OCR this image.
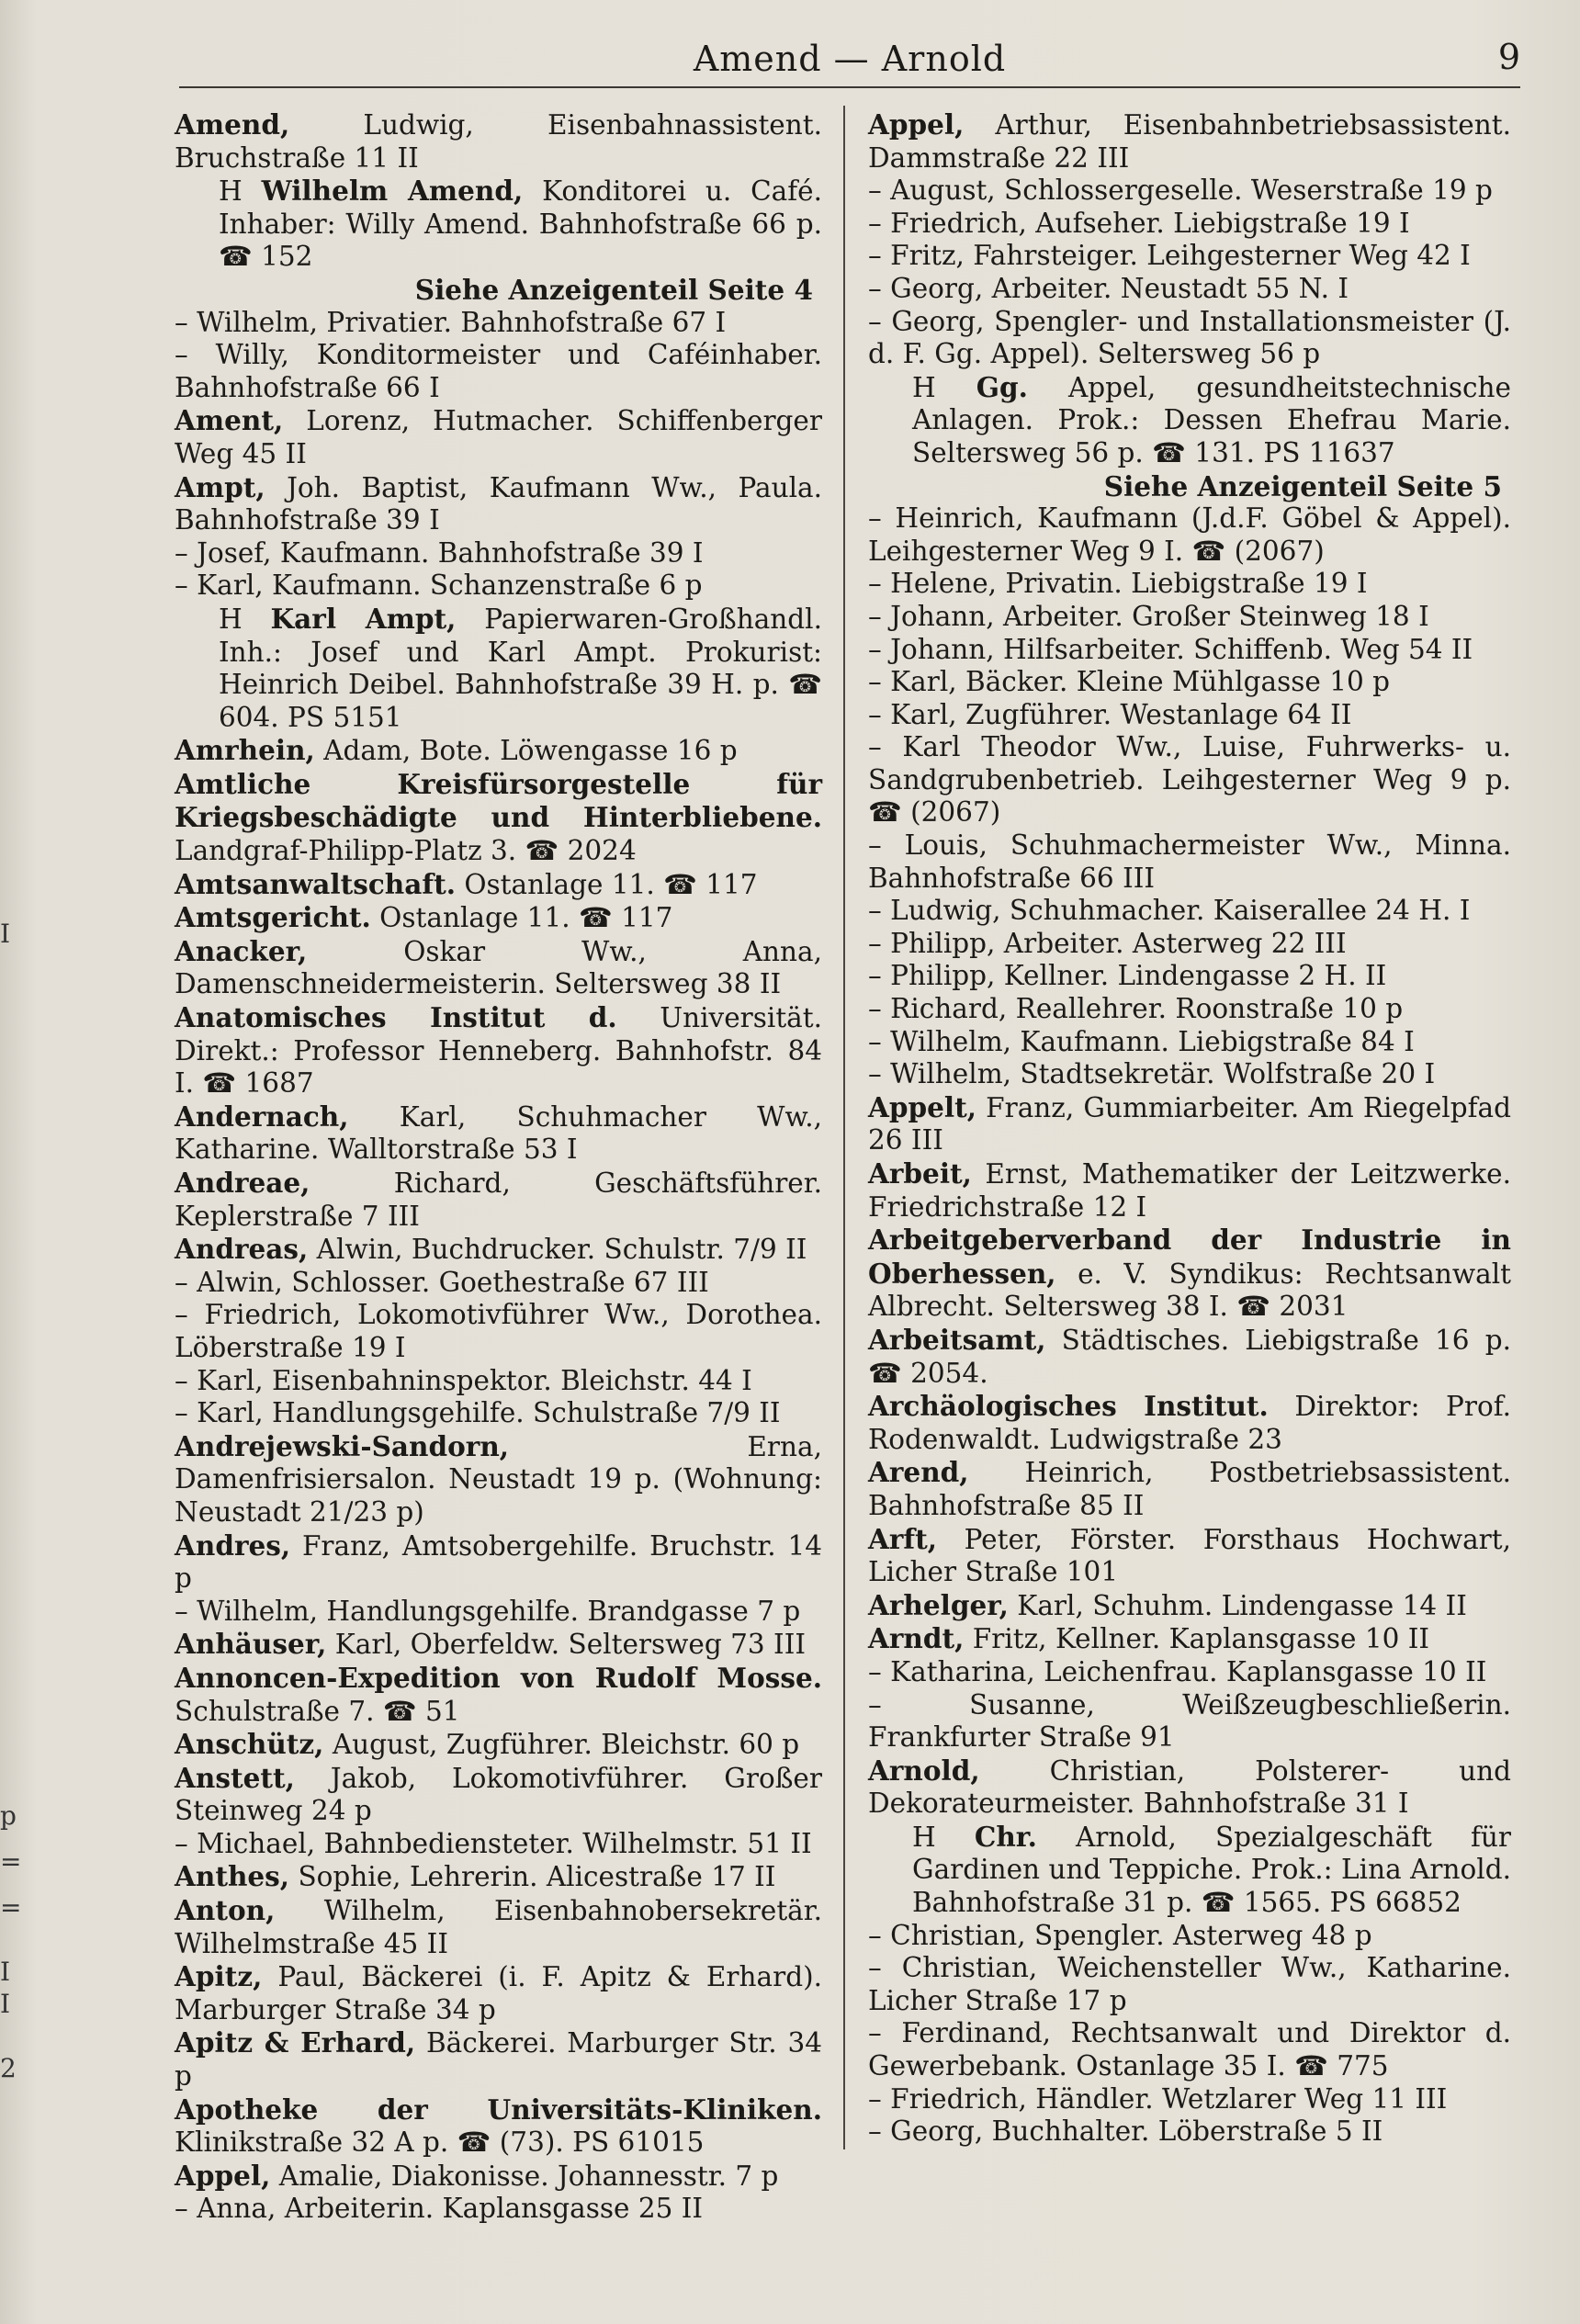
Amend — Arnold	9
I
p
=
=
I
I
2

Amend, Ludwig, Eisenbahnassistent. Bruchstraße 11 II

H Wilhelm Amend, Konditorei u. Café. Inhaber: Willy Amend. Bahnhofstraße 66 p. ☎ 152

Siehe Anzeigenteil Seite 4

– Wilhelm, Privatier. Bahnhofstraße 67 I

– Willy, Konditormeister und Caféinhaber. Bahnhofstraße 66 I

Ament, Lorenz, Hutmacher. Schiffenberger Weg 45 II

Ampt, Joh. Baptist, Kaufmann Ww., Paula. Bahnhofstraße 39 I

– Josef, Kaufmann. Bahnhofstraße 39 I

– Karl, Kaufmann. Schanzenstraße 6 p

H Karl Ampt, Papierwaren-Großhandl. Inh.: Josef und Karl Ampt. Prokurist: Heinrich Deibel. Bahnhofstraße 39 H. p. ☎ 604. PS 5151

Amrhein, Adam, Bote. Löwengasse 16 p

Amtliche Kreisfürsorgestelle für Kriegsbeschädigte und Hinterbliebene. Landgraf-Philipp-Platz 3. ☎ 2024

Amtsanwaltschaft. Ostanlage 11. ☎ 117

Amtsgericht. Ostanlage 11. ☎ 117

Anacker, Oskar Ww., Anna, Damenschneidermeisterin. Seltersweg 38 II

Anatomisches Institut d. Universität. Direkt.: Professor Henneberg. Bahnhofstr. 84 I. ☎ 1687

Andernach, Karl, Schuhmacher Ww., Katharine. Walltorstraße 53 I

Andreae, Richard, Geschäftsführer. Keplerstraße 7 III

Andreas, Alwin, Buchdrucker. Schulstr. 7/9 II

– Alwin, Schlosser. Goethestraße 67 III

– Friedrich, Lokomotivführer Ww., Dorothea. Löberstraße 19 I

– Karl, Eisenbahninspektor. Bleichstr. 44 I

– Karl, Handlungsgehilfe. Schulstraße 7/9 II

Andrejewski-Sandorn, Erna, Damenfrisiersalon. Neustadt 19 p. (Wohnung: Neustadt 21/23 p)

Andres, Franz, Amtsobergehilfe. Bruchstr. 14 p

– Wilhelm, Handlungsgehilfe. Brandgasse 7 p

Anhäuser, Karl, Oberfeldw. Seltersweg 73 III

Annoncen-Expedition von Rudolf Mosse. Schulstraße 7. ☎ 51

Anschütz, August, Zugführer. Bleichstr. 60 p

Anstett, Jakob, Lokomotivführer. Großer Steinweg 24 p

– Michael, Bahnbediensteter. Wilhelmstr. 51 II

Anthes, Sophie, Lehrerin. Alicestraße 17 II

Anton, Wilhelm, Eisenbahnobersekretär. Wilhelmstraße 45 II

Apitz, Paul, Bäckerei (i. F. Apitz & Erhard). Marburger Straße 34 p

Apitz & Erhard, Bäckerei. Marburger Str. 34 p

Apotheke der Universitäts-Kliniken. Klinikstraße 32 A p. ☎ (73). PS 61015

Appel, Amalie, Diakonisse. Johannesstr. 7 p

– Anna, Arbeiterin. Kaplansgasse 25 II

Appel, Arthur, Eisenbahnbetriebsassistent. Dammstraße 22 III

– August, Schlossergeselle. Weserstraße 19 p

– Friedrich, Aufseher. Liebigstraße 19 I

– Fritz, Fahrsteiger. Leihgesterner Weg 42 I

– Georg, Arbeiter. Neustadt 55 N. I

– Georg, Spengler- und Installationsmeister (J. d. F. Gg. Appel). Seltersweg 56 p

H Gg. Appel, gesundheitstechnische Anlagen. Prok.: Dessen Ehefrau Marie. Seltersweg 56 p. ☎ 131. PS 11637

Siehe Anzeigenteil Seite 5

– Heinrich, Kaufmann (J.d.F. Göbel & Appel). Leihgesterner Weg 9 I. ☎ (2067)

– Helene, Privatin. Liebigstraße 19 I

– Johann, Arbeiter. Großer Steinweg 18 I

– Johann, Hilfsarbeiter. Schiffenb. Weg 54 II

– Karl, Bäcker. Kleine Mühlgasse 10 p

– Karl, Zugführer. Westanlage 64 II

– Karl Theodor Ww., Luise, Fuhrwerks- u. Sandgrubenbetrieb. Leihgesterner Weg 9 p. ☎ (2067)

– Louis, Schuhmachermeister Ww., Minna. Bahnhofstraße 66 III

– Ludwig, Schuhmacher. Kaiserallee 24 H. I

– Philipp, Arbeiter. Asterweg 22 III

– Philipp, Kellner. Lindengasse 2 H. II

– Richard, Reallehrer. Roonstraße 10 p

– Wilhelm, Kaufmann. Liebigstraße 84 I

– Wilhelm, Stadtsekretär. Wolfstraße 20 I

Appelt, Franz, Gummiarbeiter. Am Riegelpfad 26 III

Arbeit, Ernst, Mathematiker der Leitzwerke. Friedrichstraße 12 I

Arbeitgeberverband der Industrie in Oberhessen, e. V. Syndikus: Rechtsanwalt Albrecht. Seltersweg 38 I. ☎ 2031

Arbeitsamt, Städtisches. Liebigstraße 16 p. ☎ 2054.

Archäologisches Institut. Direktor: Prof. Rodenwaldt. Ludwigstraße 23

Arend, Heinrich, Postbetriebsassistent. Bahnhofstraße 85 II

Arft, Peter, Förster. Forsthaus Hochwart, Licher Straße 101

Arhelger, Karl, Schuhm. Lindengasse 14 II

Arndt, Fritz, Kellner. Kaplansgasse 10 II

– Katharina, Leichenfrau. Kaplansgasse 10 II

– Susanne, Weißzeugbeschließerin. Frankfurter Straße 91

Arnold, Christian, Polsterer- und Dekorateurmeister. Bahnhofstraße 31 I

H Chr. Arnold, Spezialgeschäft für Gardinen und Teppiche. Prok.: Lina Arnold. Bahnhofstraße 31 p. ☎ 1565. PS 66852

– Christian, Spengler. Asterweg 48 p

– Christian, Weichensteller Ww., Katharine. Licher Straße 17 p

– Ferdinand, Rechtsanwalt und Direktor d. Gewerbebank. Ostanlage 35 I. ☎ 775

– Friedrich, Händler. Wetzlarer Weg 11 III

– Georg, Buchhalter. Löberstraße 5 II
